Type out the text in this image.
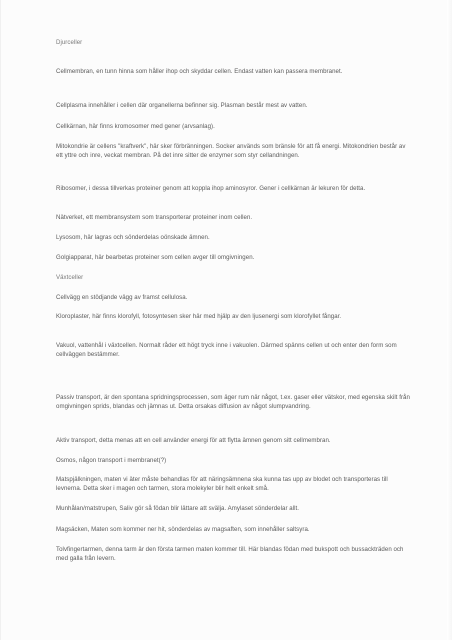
Djurceller

Cellmembran, en tunn hinna som håller ihop och skyddar cellen. Endast vatten kan passera membranet.

Cellplasma innehåller i cellen där organellerna befinner sig. Plasman består mest av vatten.

Cellkärnan, här finns kromosomer med gener (arvsanlag).

Mitokondrie är cellens "kraftverk", här sker förbränningen. Socker används som bränsle för att få energi. Mitokondrien består av ett yttre och inre, veckat membran. På det inre sitter de enzymer som styr cellandningen.

Ribosomer, i dessa tillverkas proteiner genom att koppla ihop aminosyror. Gener i cellkärnan är lekuren för detta.

Nätverket, ett membransystem som transporterar proteiner inom cellen.

Lysosom, här lagras och sönderdelas oönskade ämnen.

Golgiapparat, här bearbetas proteiner som cellen avger till omgivningen.

Växtceller

Cellvägg en stödjande vägg av framst cellulosa.

Kloroplaster, här finns klorofyll, fotosyntesen sker här med hjälp av den ljusenergi som klorofyllet fångar.

Vakuol, vattenhål i växtcellen. Normalt råder ett högt tryck inne i vakuolen. Därmed spänns cellen ut och enter den form som cellväggen bestämmer.

Passiv transport, är den spontana spridningsprocessen, som äger rum när något, t.ex. gaser eller vätskor, med egenska skilt från omgivningen sprids, blandas och jämnas ut. Detta orsakas diffusion av något slumpvandring.

Aktiv transport, detta menas att en cell använder energi för att flytta ämnen genom sitt cellmembran.

Osmos, någon transport i membranet(?)

Matspjälkningen, maten vi äter måste behandlas för att näringsämnena ska kunna tas upp av blodet och transporteras till levnerna. Detta sker i magen och tarmen, stora molekyler blir helt enkelt små.

Munhålan/matstrupen, Saliv gör så födan blir lättare att svälja. Amylaset sönderdelar allt.

Magsäcken, Maten som kommer ner hit, sönderdelas av magsaften, som innehåller saltsyra.

Tolvfingertarmen, denna tarm är den första tarmen maten kommer till. Här blandas födan med bukspott och bussackträden och med galla från levern.
